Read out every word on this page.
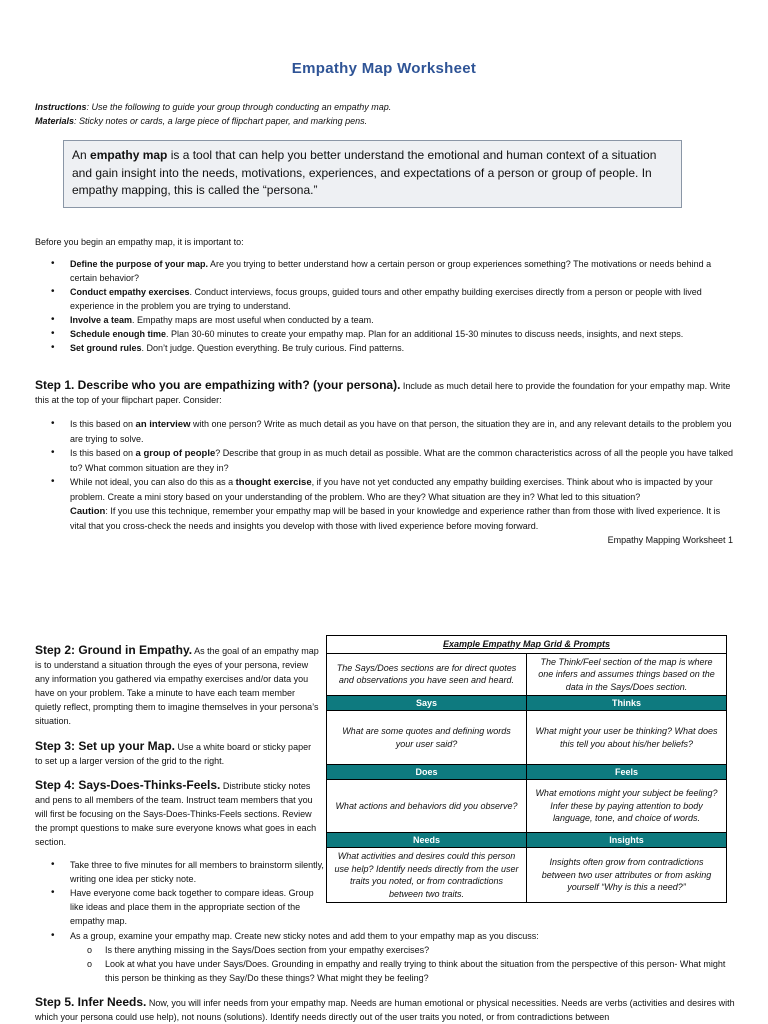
Empathy Map Worksheet
Instructions: Use the following to guide your group through conducting an empathy map.
Materials: Sticky notes or cards, a large piece of flipchart paper, and marking pens.
An empathy map is a tool that can help you better understand the emotional and human context of a situation and gain insight into the needs, motivations, experiences, and expectations of a person or group of people. In empathy mapping, this is called the “persona.”
Before you begin an empathy map, it is important to:
• Define the purpose of your map. Are you trying to better understand how a certain person or group experiences something? The motivations or needs behind a certain behavior?
• Conduct empathy exercises. Conduct interviews, focus groups, guided tours and other empathy building exercises directly from a person or people with lived experience in the problem you are trying to understand.
• Involve a team. Empathy maps are most useful when conducted by a team.
• Schedule enough time. Plan 30-60 minutes to create your empathy map. Plan for an additional 15-30 minutes to discuss needs, insights, and next steps.
• Set ground rules. Don’t judge. Question everything. Be truly curious. Find patterns.
Step 1. Describe who you are empathizing with? (your persona). Include as much detail here to provide the foundation for your empathy map. Write this at the top of your flipchart paper. Consider:
• Is this based on an interview with one person? Write as much detail as you have on that person, the situation they are in, and any relevant details to the problem you are trying to solve.
• Is this based on a group of people? Describe that group in as much detail as possible. What are the common characteristics across of all the people you have talked to? What common situation are they in?
• While not ideal, you can also do this as a thought exercise, if you have not yet conducted any empathy building exercises. Think about who is impacted by your problem. Create a mini story based on your understanding of the problem. Who are they? What situation are they in? What led to this situation?
Caution: If you use this technique, remember your empathy map will be based in your knowledge and experience rather than from those with lived experience. It is vital that you cross-check the needs and insights you develop with those with lived experience before moving forward.
Empathy Mapping Worksheet 1
Step 2: Ground in Empathy. As the goal of an empathy map is to understand a situation through the eyes of your persona, review any information you gathered via empathy exercises and/or data you have on your problem. Take a minute to have each team member quietly reflect, prompting them to imagine themselves in your persona’s situation.
Step 3: Set up your Map. Use a white board or sticky paper to set up a larger version of the grid to the right.
Step 4: Says-Does-Thinks-Feels. Distribute sticky notes and pens to all members of the team. Instruct team members that you will first be focusing on the Says-Does-Thinks-Feels sections. Review the prompt questions to make sure everyone knows what goes in each section.
• Take three to five minutes for all members to brainstorm silently, writing one idea per sticky note.
• Have everyone come back together to compare ideas. Group like ideas and place them in the appropriate section of the empathy map.
• As a group, examine your empathy map. Create new sticky notes and add them to your empathy map as you discuss:
o Is there anything missing in the Says/Does section from your empathy exercises?
o Look at what you have under Says/Does. Grounding in empathy and really trying to think about the situation from the perspective of this person- What might this person be thinking as they Say/Do these things? What might they be feeling?
Step 5. Infer Needs. Now, you will infer needs from your empathy map. Needs are human emotional or physical necessities. Needs are verbs (activities and desires with which your persona could use help), not nouns (solutions). Identify needs directly out of the user traits you noted, or from contradictions between
Example Empathy Map Grid & Prompts	
The Says/Does sections are for direct quotes and observations you have seen and heard.	The Think/Feel section of the map is where one infers and assumes things based on the data in the Says/Does section.
Says	Thinks
What are some quotes and defining words your user said?	What might your user be thinking? What does this tell you about his/her beliefs?
Does	Feels
What actions and behaviors did you observe?	What emotions might your subject be feeling? Infer these by paying attention to body language, tone, and choice of words.
Needs	Insights
What activities and desires could this person use help? Identify needs directly from the user traits you noted, or from contradictions between two traits.	Insights often grow from contradictions between two user attributes or from asking yourself “Why is this a need?”
